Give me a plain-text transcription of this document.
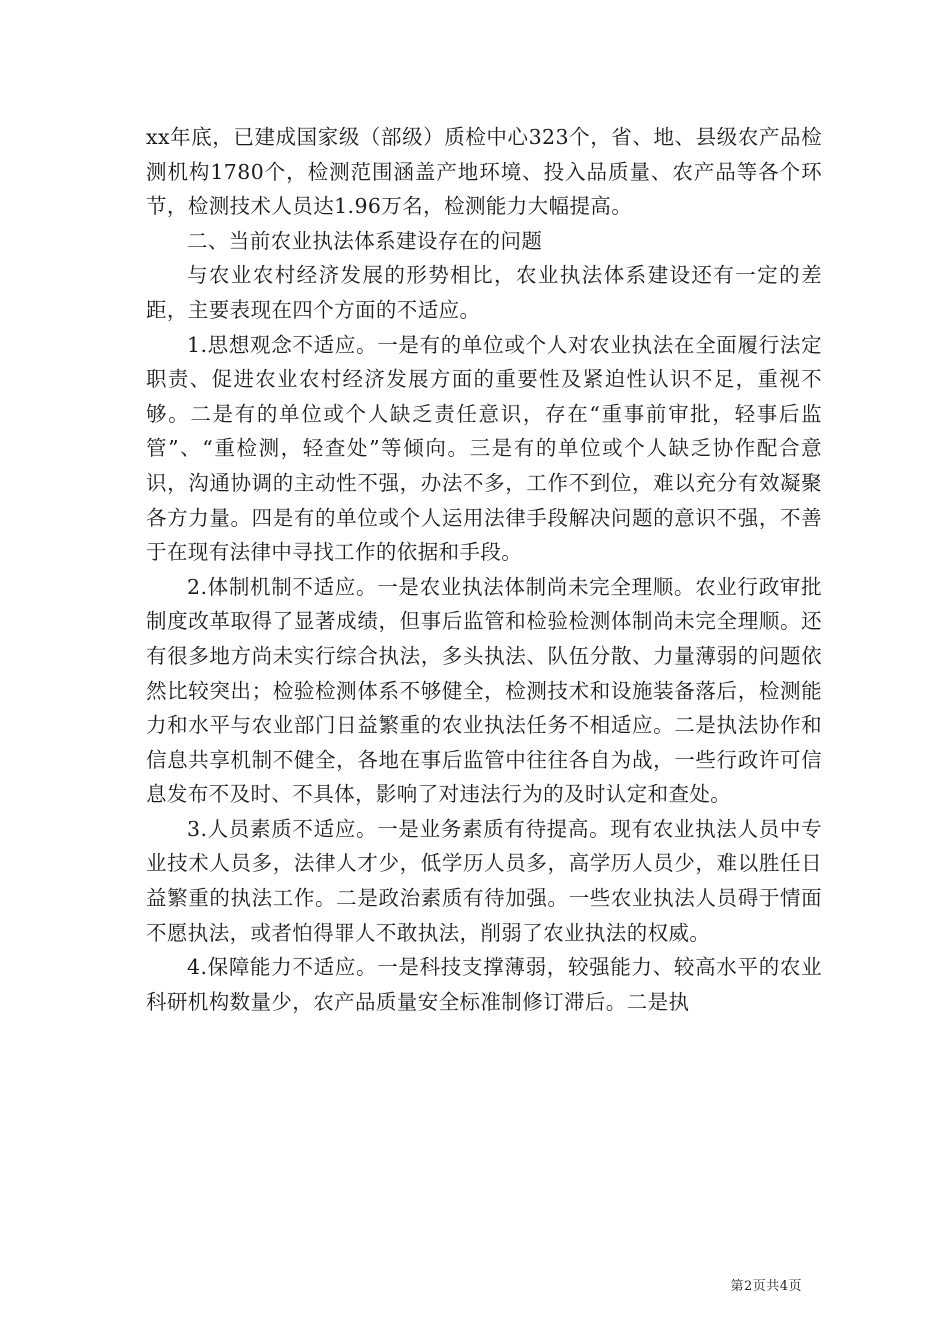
xx年底，已建成国家级（部级）质检中心323个，省、地、县级农产品检测机构1780个，检测范围涵盖产地环境、投入品质量、农产品等各个环节，检测技术人员达1.96万名，检测能力大幅提高。

二、当前农业执法体系建设存在的问题

与农业农村经济发展的形势相比，农业执法体系建设还有一定的差距，主要表现在四个方面的不适应。

1.思想观念不适应。一是有的单位或个人对农业执法在全面履行法定职责、促进农业农村经济发展方面的重要性及紧迫性认识不足，重视不够。二是有的单位或个人缺乏责任意识，存在“重事前审批，轻事后监管”、“重检测，轻查处”等倾向。三是有的单位或个人缺乏协作配合意识，沟通协调的主动性不强，办法不多，工作不到位，难以充分有效凝聚各方力量。四是有的单位或个人运用法律手段解决问题的意识不强，不善于在现有法律中寻找工作的依据和手段。

2.体制机制不适应。一是农业执法体制尚未完全理顺。农业行政审批制度改革取得了显著成绩，但事后监管和检验检测体制尚未完全理顺。还有很多地方尚未实行综合执法，多头执法、队伍分散、力量薄弱的问题依然比较突出；检验检测体系不够健全，检测技术和设施装备落后，检测能力和水平与农业部门日益繁重的农业执法任务不相适应。二是执法协作和信息共享机制不健全，各地在事后监管中往往各自为战，一些行政许可信息发布不及时、不具体，影响了对违法行为的及时认定和查处。

3.人员素质不适应。一是业务素质有待提高。现有农业执法人员中专业技术人员多，法律人才少，低学历人员多，高学历人员少，难以胜任日益繁重的执法工作。二是政治素质有待加强。一些农业执法人员碍于情面不愿执法，或者怕得罪人不敢执法，削弱了农业执法的权威。

4.保障能力不适应。一是科技支撑薄弱，较强能力、较高水平的农业科研机构数量少，农产品质量安全标准制修订滞后。二是执

第2页共4页
